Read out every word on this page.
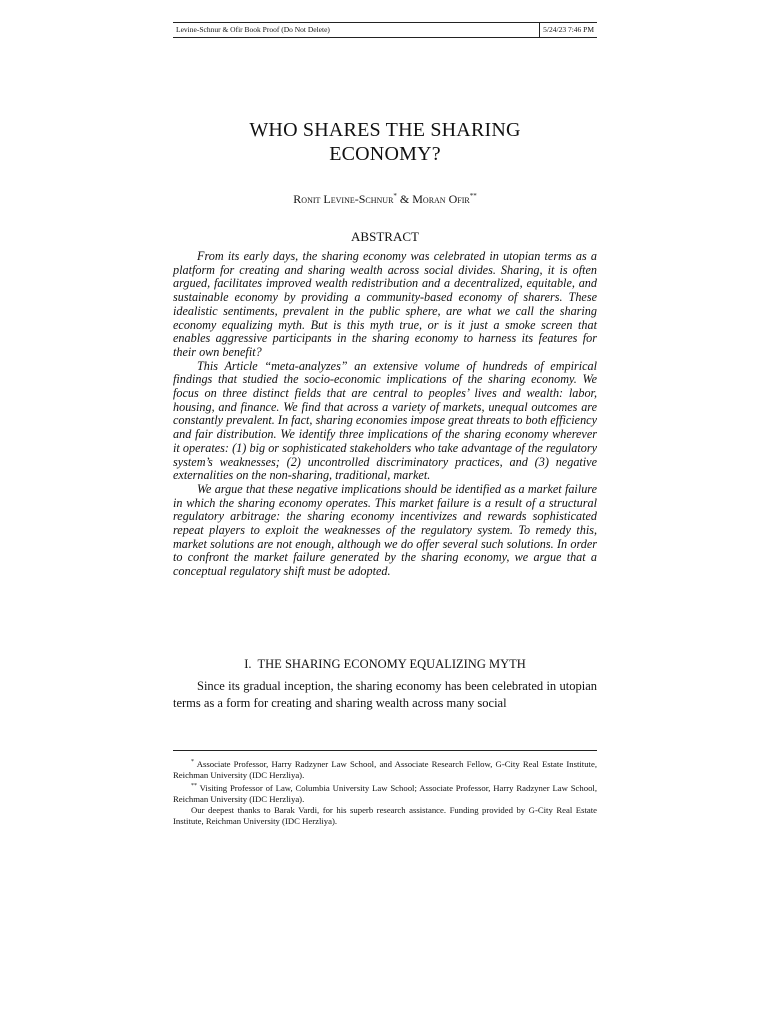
Levine-Schnur & Ofir Book Proof (Do Not Delete)	5/24/23 7:46 PM
WHO SHARES THE SHARING
ECONOMY?
Ronit Levine-Schnur* & Moran Ofir**
ABSTRACT

From its early days, the sharing economy was celebrated in utopian terms as a platform for creating and sharing wealth across social divides. Sharing, it is often argued, facilitates improved wealth redistribution and a decentralized, equitable, and sustainable economy by providing a community-based economy of sharers. These idealistic sentiments, prevalent in the public sphere, are what we call the sharing economy equalizing myth. But is this myth true, or is it just a smoke screen that enables aggressive participants in the sharing economy to harness its features for their own benefit?

This Article “meta-analyzes” an extensive volume of hundreds of empirical findings that studied the socio-economic implications of the sharing economy. We focus on three distinct fields that are central to peoples’ lives and wealth: labor, housing, and finance. We find that across a variety of markets, unequal outcomes are constantly prevalent. In fact, sharing economies impose great threats to both efficiency and fair distribution. We identify three implications of the sharing economy wherever it operates: (1) big or sophisticated stakeholders who take advantage of the regulatory system’s weaknesses; (2) uncontrolled discriminatory practices, and (3) negative externalities on the non-sharing, traditional, market.

We argue that these negative implications should be identified as a market failure in which the sharing economy operates. This market failure is a result of a structural regulatory arbitrage: the sharing economy incentivizes and rewards sophisticated repeat players to exploit the weaknesses of the regulatory system. To remedy this, market solutions are not enough, although we do offer several such solutions. In order to confront the market failure generated by the sharing economy, we argue that a conceptual regulatory shift must be adopted.

I.  THE SHARING ECONOMY EQUALIZING MYTH

Since its gradual inception, the sharing economy has been celebrated in utopian terms as a form for creating and sharing wealth across many social

* Associate Professor, Harry Radzyner Law School, and Associate Research Fellow, G-City Real Estate Institute, Reichman University (IDC Herzliya).

** Visiting Professor of Law, Columbia University Law School; Associate Professor, Harry Radzyner Law School, Reichman University (IDC Herzliya).

Our deepest thanks to Barak Vardi, for his superb research assistance. Funding provided by G-City Real Estate Institute, Reichman University (IDC Herzliya).
